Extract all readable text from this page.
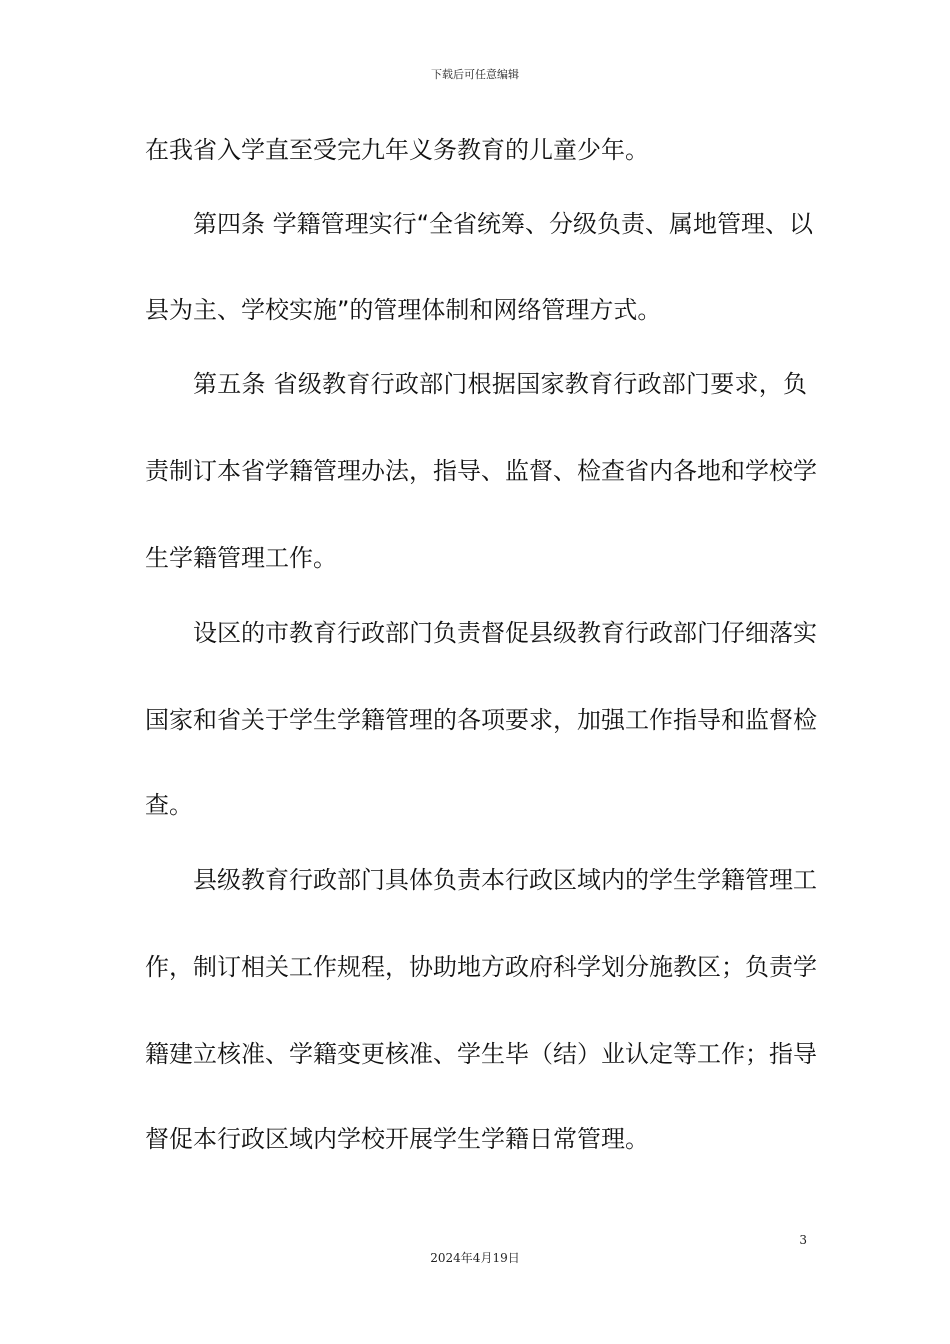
下载后可任意编辑
在我省入学直至受完九年义务教育的儿童少年。
第四条 学籍管理实行“全省统筹、分级负责、属地管理、以
县为主、学校实施”的管理体制和网络管理方式。
第五条 省级教育行政部门根据国家教育行政部门要求，负
责制订本省学籍管理办法，指导、监督、检查省内各地和学校学
生学籍管理工作。
设区的市教育行政部门负责督促县级教育行政部门仔细落实
国家和省关于学生学籍管理的各项要求，加强工作指导和监督检
查。
县级教育行政部门具体负责本行政区域内的学生学籍管理工
作，制订相关工作规程，协助地方政府科学划分施教区；负责学
籍建立核准、学籍变更核准、学生毕（结）业认定等工作；指导
督促本行政区域内学校开展学生学籍日常管理。
3
2024年4月19日
